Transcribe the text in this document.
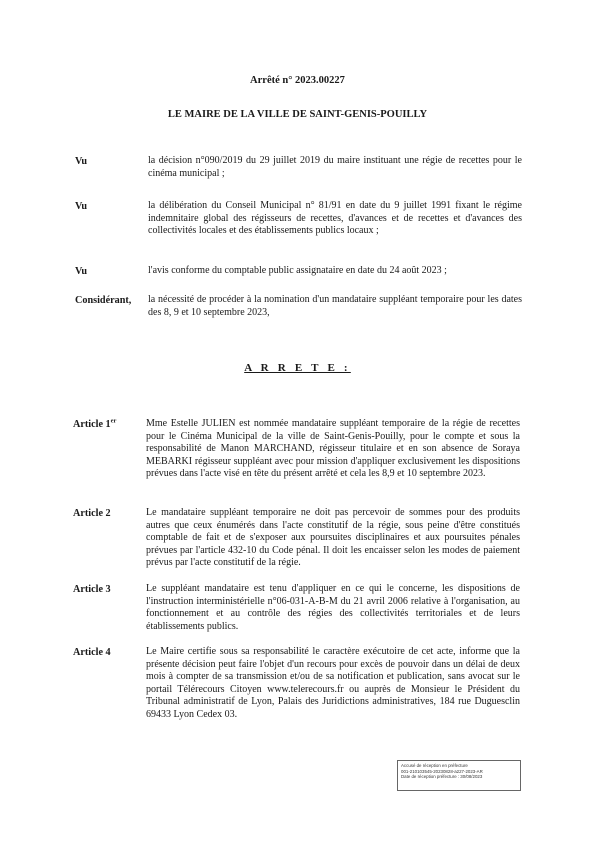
Arrêté n° 2023.00227
LE MAIRE DE LA VILLE DE SAINT-GENIS-POUILLY
Vu	la décision n°090/2019 du 29 juillet 2019 du maire instituant une régie de recettes pour le cinéma municipal ;
Vu	la délibération du Conseil Municipal n° 81/91 en date du 9 juillet 1991 fixant le régime indemnitaire global des régisseurs de recettes, d'avances et de recettes et d'avances des collectivités locales et des établissements publics locaux ;
Vu	l'avis conforme du comptable public assignataire en date du 24 août 2023 ;
Considérant, la nécessité de procéder à la nomination d'un mandataire suppléant temporaire pour les dates des 8, 9 et 10 septembre 2023,
A R R E T E :
Article 1er	Mme Estelle JULIEN est nommée mandataire suppléant temporaire de la régie de recettes pour le Cinéma Municipal de la ville de Saint-Genis-Pouilly, pour le compte et sous la responsabilité de Manon MARCHAND, régisseur titulaire et en son absence de Soraya MEBARKI régisseur suppléant avec pour mission d'appliquer exclusivement les dispositions prévues dans l'acte visé en tête du présent arrêté et cela les 8,9 et 10 septembre 2023.
Article 2	Le mandataire suppléant temporaire ne doit pas percevoir de sommes pour des produits autres que ceux énumérés dans l'acte constitutif de la régie, sous peine d'être constitués comptable de fait et de s'exposer aux poursuites disciplinaires et aux poursuites pénales prévues par l'article 432-10 du Code pénal. Il doit les encaisser selon les modes de paiement prévus par l'acte constitutif de la régie.
Article 3	Le suppléant mandataire est tenu d'appliquer en ce qui le concerne, les dispositions de l'instruction interministérielle n°06-031-A-B-M du 21 avril 2006 relative à l'organisation, au fonctionnement et au contrôle des régies des collectivités territoriales et de leurs établissements publics.
Article 4	Le Maire certifie sous sa responsabilité le caractère exécutoire de cet acte, informe que la présente décision peut faire l'objet d'un recours pour excès de pouvoir dans un délai de deux mois à compter de sa transmission et/ou de sa notification et publication, sans avocat sur le portail Télérecours Citoyen www.telerecours.fr ou auprès de Monsieur le Président du Tribunal administratif de Lyon, Palais des Juridictions administratives, 184 rue Duguesclin 69433 Lyon Cedex 03.
Accusé de réception en préfecture
001-210103545-20230828-a227-2023-AR
Date de réception préfecture : 30/08/2023
